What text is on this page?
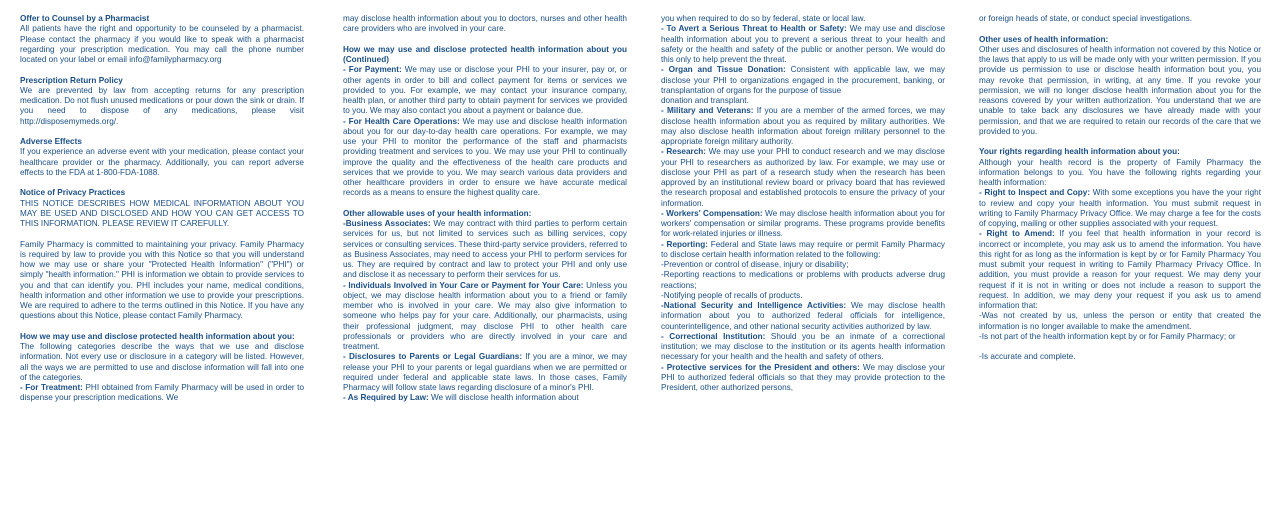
Offer to Counsel by a Pharmacist
All patients have the right and opportunity to be counseled by a pharmacist. Please contact the pharmacy if you would like to speak with a pharmacist regarding your prescription medication. You may call the phone number located on your label or email info@familypharmacy.org

Prescription Return Policy
We are prevented by law from accepting returns for any prescription medication. Do not flush unused medications or pour down the sink or drain. If you need to dispose of any medications, please visit http://disposemymeds.org/.

Adverse Effects
If you experience an adverse event with your medication, please contact your healthcare provider or the pharmacy. Additionally, you can report adverse effects to the FDA at 1-800-FDA-1088.

Notice of Privacy Practices
THIS NOTICE DESCRIBES HOW MEDICAL INFORMATION ABOUT YOU MAY BE USED AND DISCLOSED AND HOW YOU CAN GET ACCESS TO THIS INFORMATION. PLEASE REVIEW IT CAREFULLY.

Family Pharmacy is committed to maintaining your privacy. Family Pharmacy is required by law to provide you with this Notice so that you will understand how we may use or share your "Protected Health Information" ("PHI") or simply "health information." PHI is information we obtain to provide services to you and that can identify you. PHI includes your name, medical conditions, health information and other information we use to provide your prescriptions. We are required to adhere to the terms outlined in this Notice. If you have any questions about this Notice, please contact Family Pharmacy.

How we may use and disclose protected health information about you:
The following categories describe the ways that we use and disclose information. Not every use or disclosure in a category will be listed. However, all the ways we are permitted to use and disclose information will fall into one of the categories.

- For Treatment: PHI obtained from Family Pharmacy will be used in order to dispense your prescription medications. We

may disclose health information about you to doctors, nurses and other health care providers who are involved in your care.

How we may use and disclose protected health information about you (Continued)

- For Payment: We may use or disclose your PHI to your insurer, pay or, or other agents in order to bill and collect payment for items or services we provided to you. For example, we may contact your insurance company, health plan, or another third party to obtain payment for services we provided to you. We may also contact you about a payment or balance due.

- For Health Care Operations: We may use and disclose health information about you for our day-to-day health care operations. For example, we may use your PHI to monitor the performance of the staff and pharmacists providing treatment and services to you. We may use your PHI to continually improve the quality and the effectiveness of the health care products and services that we provide to you. We may search various data providers and other healthcare providers in order to ensure we have accurate medical records as a means to ensure the highest quality care.

Other allowable uses of your health information:

-Business Associates: We may contract with third parties to perform certain services for us, but not limited to services such as billing services, copy services or consulting services. These third-party service providers, referred to as Business Associates, may need to access your PHI to perform services for us. They are required by contract and law to protect your PHI and only use and disclose it as necessary to perform their services for us.

- Individuals Involved in Your Care or Payment for Your Care: Unless you object, we may disclose health information about you to a friend or family member who is involved in your care. We may also give information to someone who helps pay for your care. Additionally, our pharmacists, using their professional judgment, may disclose PHI to other health care professionals or providers who are directly involved in your care and treatment.

- Disclosures to Parents or Legal Guardians: If you are a minor, we may release your PHI to your parents or legal guardians when we are permitted or required under federal and applicable state laws. In those cases, Family Pharmacy will follow state laws regarding disclosure of a minor's PHI.

- As Required by Law: We will disclose health information about

you when required to do so by federal, state or local law.

- To Avert a Serious Threat to Health or Safety: We may use and disclose health information about you to prevent a serious threat to your health and safety or the health and safety of the public or another person. We would do this only to help prevent the threat.

- Organ and Tissue Donation: Consistent with applicable law, we may disclose your PHI to organizations engaged in the procurement, banking, or transplantation of organs for the purpose of tissue

donation and transplant.

- Military and Veterans: If you are a member of the armed forces, we may disclose health information about you as required by military authorities. We may also disclose health information about foreign military personnel to the appropriate foreign military authority.

- Research: We may use your PHI to conduct research and we may disclose your PHI to researchers as authorized by law. For example, we may use or disclose your PHI as part of a research study when the research has been approved by an institutional review board or privacy board that has reviewed the research proposal and established protocols to ensure the privacy of your information.

- Workers' Compensation: We may disclose health information about you for workers' compensation or similar programs. These programs provide benefits for work-related injuries or illness.

- Reporting: Federal and State laws may require or permit Family Pharmacy to disclose certain health information related to the following:

-Prevention or control of disease, injury or disability;

-Reporting reactions to medications or problems with products adverse drug reactions;

-Notifying people of recalls of products.

-National Security and Intelligence Activities: We may disclose health information about you to authorized federal officials for intelligence, counterintelligence, and other national security activities authorized by law.

- Correctional Institution: Should you be an inmate of a correctional institution; we may disclose to the institution or its agents health information necessary for your health and the health and safety of others.

- Protective services for the President and others: We may disclose your PHI to authorized federal officials so that they may provide protection to the President, other authorized persons,

or foreign heads of state, or conduct special investigations.

Other uses of health information:
Other uses and disclosures of health information not covered by this Notice or the laws that apply to us will be made only with your written permission. If you provide us permission to use or disclose health information bout you, you may revoke that permission, in writing, at any time. If you revoke your permission, we will no longer disclose health information about you for the reasons covered by your written authorization. You understand that we are unable to take back any disclosures we have already made with your permission, and that we are required to retain our records of the care that we provided to you.

Your rights regarding health information about you:
Although your health record is the property of Family Pharmacy the information belongs to you. You have the following rights regarding your health information:

- Right to Inspect and Copy: With some exceptions you have the your right to review and copy your health information. You must submit request in writing to Family Pharmacy Privacy Office. We may charge a fee for the costs of copying, mailing or other supplies associated with your request.

- Right to Amend: If you feel that health information in your record is incorrect or incomplete, you may ask us to amend the information. You have this right for as long as the information is kept by or for Family Pharmacy You must submit your request in writing to Family Pharmacy Privacy Office. In addition, you must provide a reason for your request. We may deny your request if it is not in writing or does not include a reason to support the request. In addition, we may deny your request if you ask us to amend information that:

-Was not created by us, unless the person or entity that created the information is no longer available to make the amendment.

-Is not part of the health information kept by or for Family Pharmacy; or

-Is accurate and complete.
